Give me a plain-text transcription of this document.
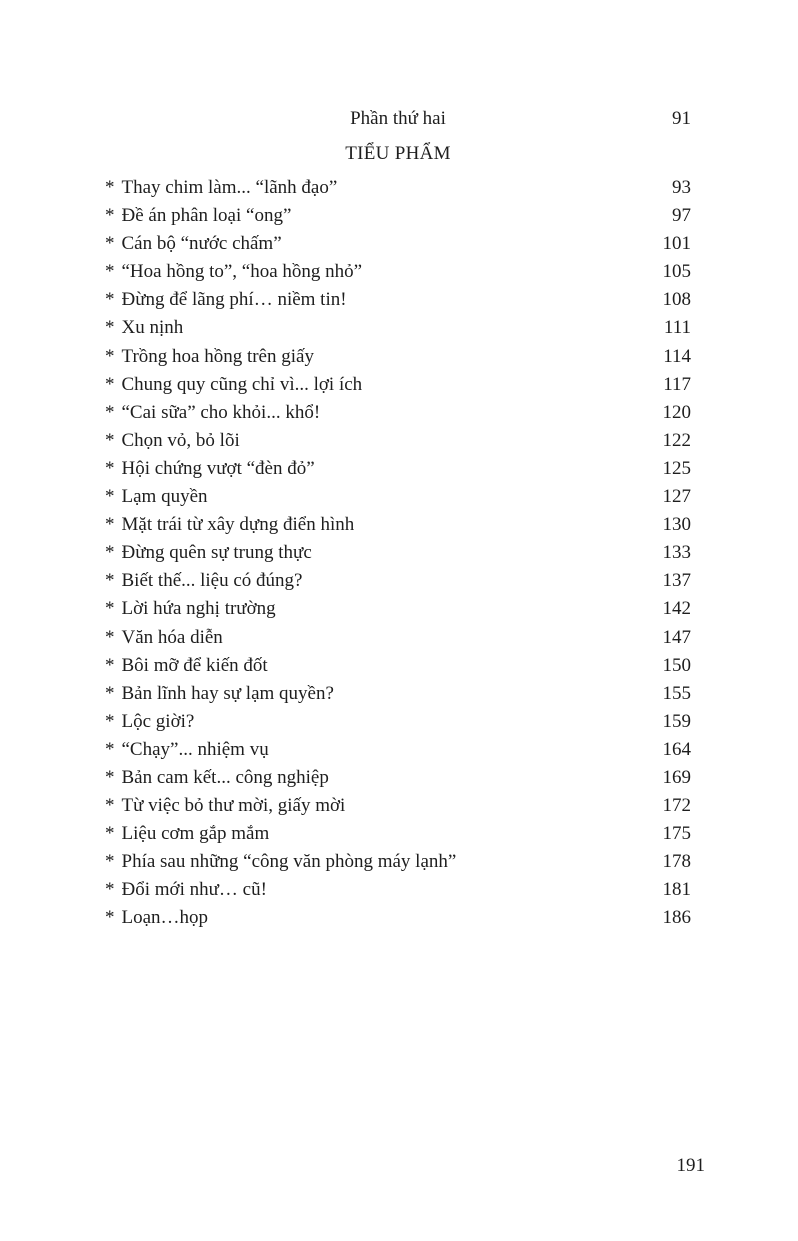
Phần thứ hai	91
TIỂU PHẨM
* Thay chim làm... “lãnh đạo”	93
* Đề án phân loại “ong”	97
* Cán bộ “nước chấm”	101
* “Hoa hồng to”, “hoa hồng nhỏ”	105
* Đừng để lãng phí… niềm tin!	108
* Xu nịnh	111
* Trồng hoa hồng trên giấy	114
* Chung quy cũng chỉ vì... lợi ích	117
* “Cai sữa” cho khỏi... khổ!	120
* Chọn vỏ, bỏ lõi	122
* Hội chứng vượt “đèn đỏ”	125
* Lạm quyền	127
* Mặt trái từ xây dựng điển hình	130
* Đừng quên sự trung thực	133
* Biết thế... liệu có đúng?	137
* Lời hứa nghị trường	142
* Văn hóa diễn	147
* Bôi mỡ để kiến đốt	150
* Bản lĩnh hay sự lạm quyền?	155
* Lộc giời?	159
* “Chạy”... nhiệm vụ	164
* Bản cam kết... công nghiệp	169
* Từ việc bỏ thư mời, giấy mời	172
* Liệu cơm gắp mắm	175
* Phía sau những “công văn phòng máy lạnh”	178
* Đổi mới như… cũ!	181
* Loạn…họp	186
191
